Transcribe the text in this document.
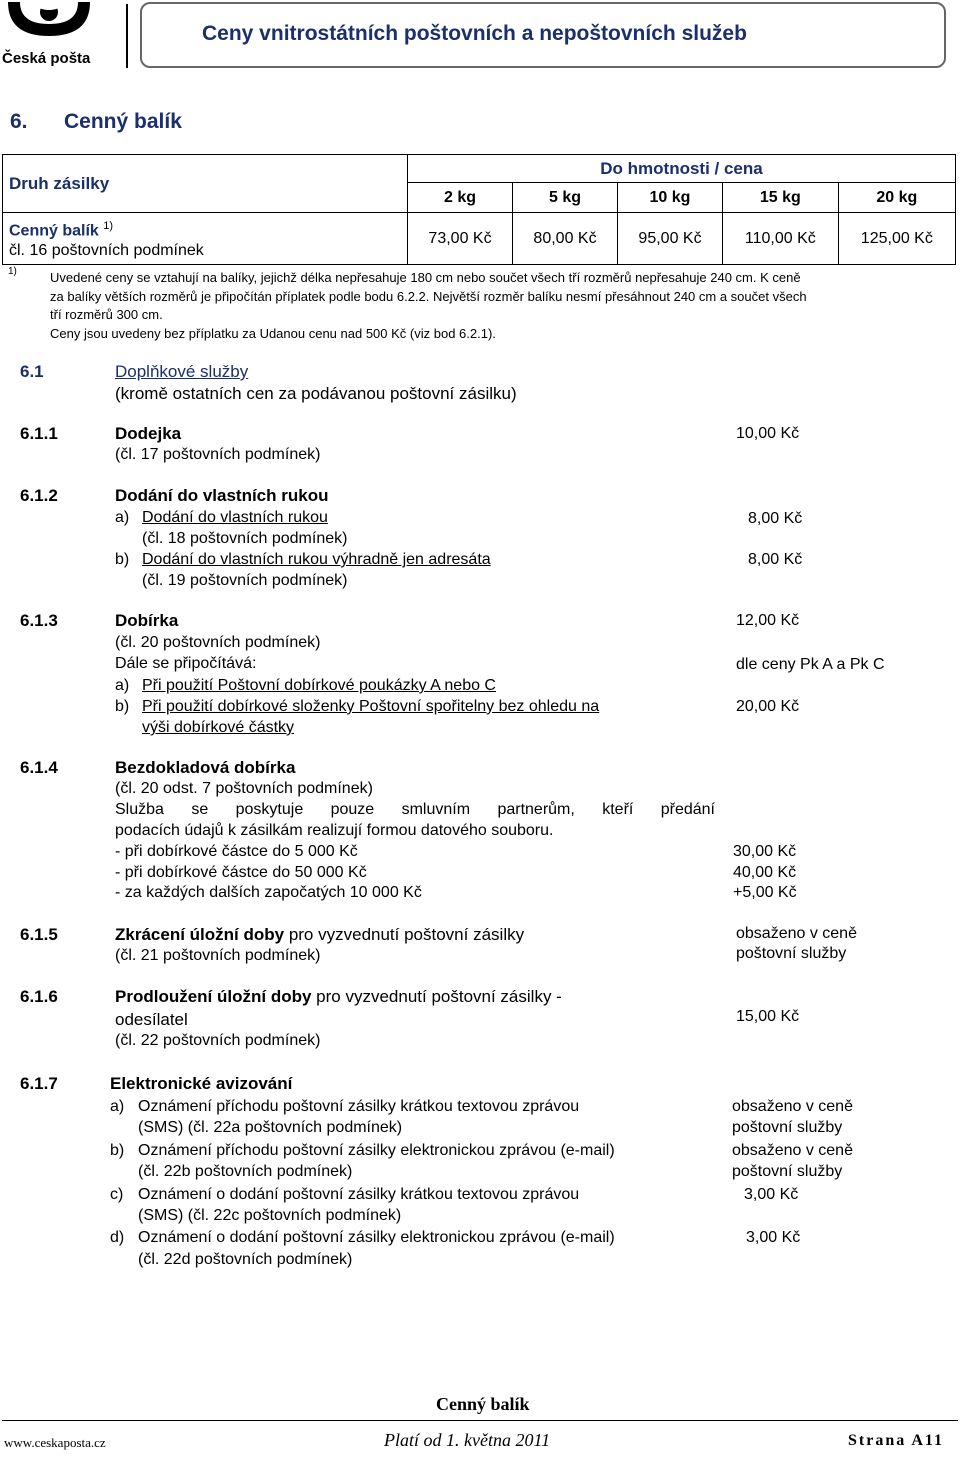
Česká pošta
Ceny vnitrostátních poštovních a nepoštovních služeb
6. Cenný balík
Druh zásilky	Do hmotnosti / cena				
	2 kg	5 kg	10 kg	15 kg	20 kg
Cenný balík $^{1)}$
čl. 16 poštovních podmínek	73,00 Kč	80,00 Kč	95,00 Kč	110,00 Kč	125,00 Kč
1)	Uvedené ceny se vztahují na balíky, jejichž délka nepřesahuje 180 cm nebo součet všech tří rozměrů nepřesahuje 240 cm. K ceně
za balíky větších rozměrů je připočítán příplatek podle bodu 6.2.2. Největší rozměr balíku nesmí přesáhnout 240 cm a součet všech
tří rozměrů 300 cm.
Ceny jsou uvedeny bez příplatku za Udanou cenu nad 500 Kč (viz bod 6.2.1).
6.1	Doplňkové služby
(kromě ostatních cen za podávanou poštovní zásilku)
6.1.1	Dodejka
(čl. 17 poštovních podmínek)
10,00 Kč
6.1.2	Dodání do vlastních rukou
a) Dodání do vlastních rukou	8,00 Kč
(čl. 18 poštovních podmínek)
b) Dodání do vlastních rukou výhradně jen adresáta	8,00 Kč
(čl. 19 poštovních podmínek)
6.1.3	Dobírka	12,00 Kč
(čl. 20 poštovních podmínek)
Dále se připočítává:	dle ceny Pk A a Pk C
a) Při použití Poštovní dobírkové poukázky A nebo C
b) Při použití dobírkové složenky Poštovní spořitelny bez ohledu na	20,00 Kč
výši dobírkové částky
6.1.4	Bezdokladová dobírka
(čl. 20 odst. 7 poštovních podmínek)
Služba se poskytuje pouze smluvním partnerům, kteří předání
podacích údajů k zásilkám realizují formou datového souboru.
- při dobírkové částce do 5 000 Kč	30,00 Kč
- při dobírkové částce do 50 000 Kč	40,00 Kč
- za každých dalších započatých 10 000 Kč	+5,00 Kč
6.1.5	Zkrácení úložní doby pro vyzvednutí poštovní zásilky
(čl. 21 poštovních podmínek)
obsaženo v ceně
poštovní služby
6.1.6	Prodloužení úložní doby pro vyzvednutí poštovní zásilky -
odesílatel
(čl. 22 poštovních podmínek)
15,00 Kč
6.1.7	Elektronické avizování
a) Oznámení příchodu poštovní zásilky krátkou textovou zprávou
(SMS) (čl. 22a poštovních podmínek)
obsaženo v ceně
poštovní služby
b) Oznámení příchodu poštovní zásilky elektronickou zprávou (e-mail)
(čl. 22b poštovních podmínek)
obsaženo v ceně
poštovní služby
c) Oznámení o dodání poštovní zásilky krátkou textovou zprávou
(SMS) (čl. 22c poštovních podmínek)
3,00 Kč
d) Oznámení o dodání poštovní zásilky elektronickou zprávou (e-mail)
(čl. 22d poštovních podmínek)
3,00 Kč
Cenný balík
www.ceskaposta.cz	Platí od 1. května 2011	Strana A11
